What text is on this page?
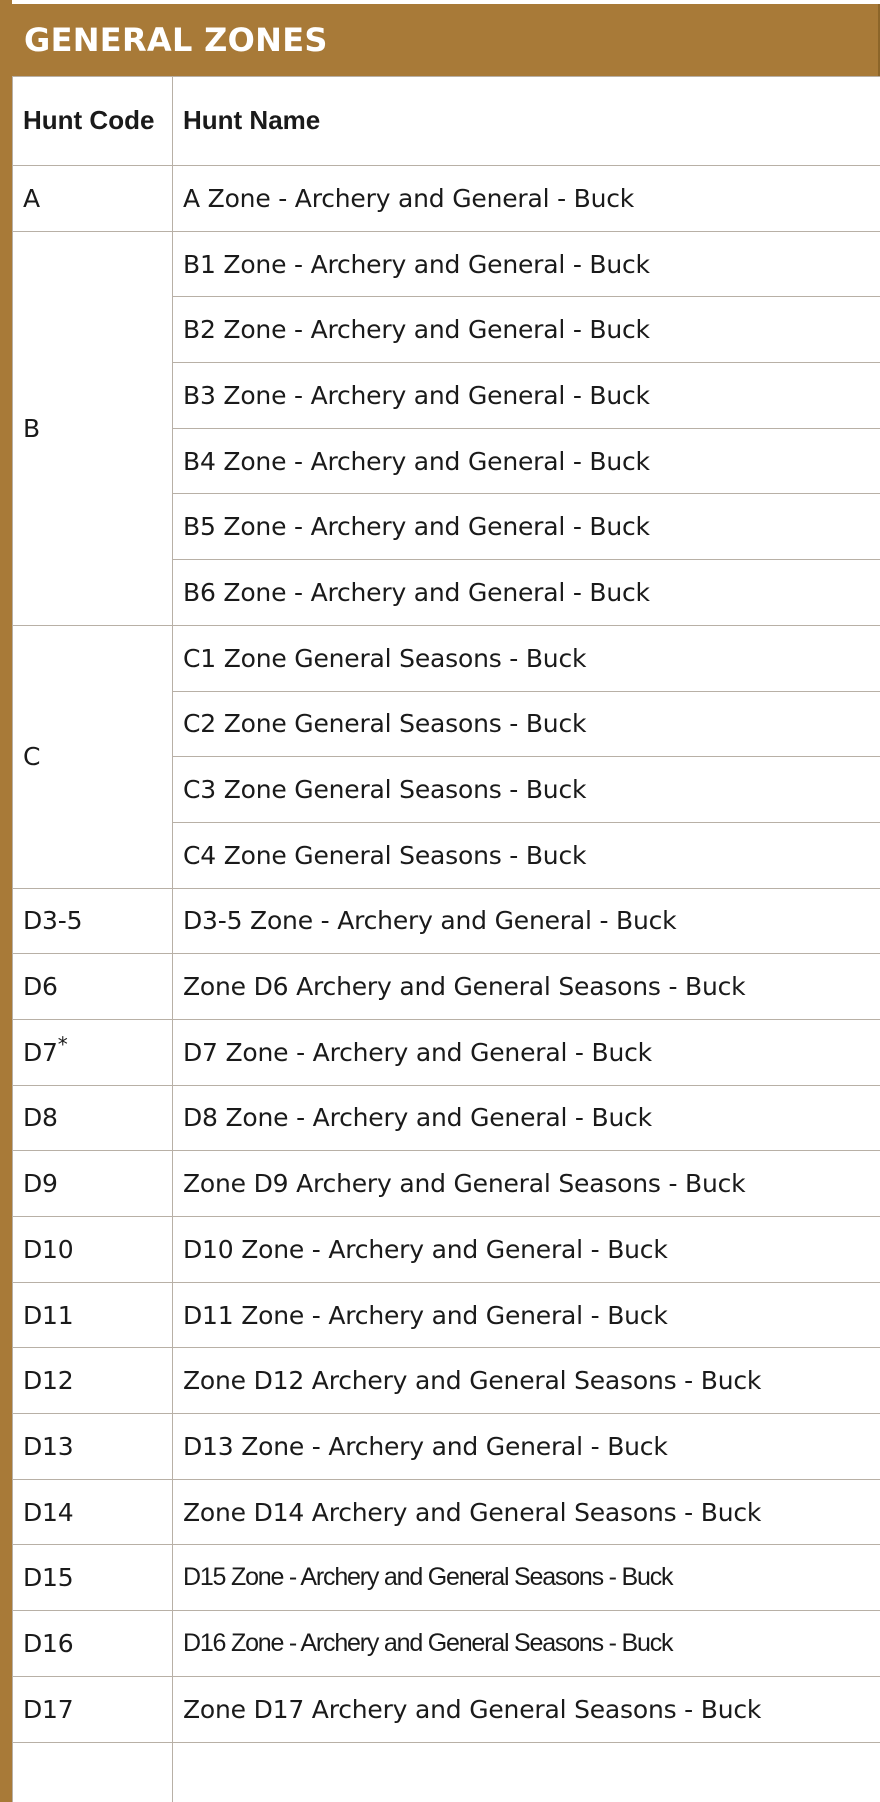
GENERAL ZONES
Hunt Code	Hunt Name
A	A Zone - Archery and General - Buck
B	B1 Zone - Archery and General - Buck
	B2 Zone - Archery and General - Buck
	B3 Zone - Archery and General - Buck
	B4 Zone - Archery and General - Buck
	B5 Zone - Archery and General - Buck
	B6 Zone - Archery and General - Buck
C	C1 Zone General Seasons - Buck
	C2 Zone General Seasons - Buck
	C3 Zone General Seasons - Buck
	C4 Zone General Seasons - Buck
D3-5	D3-5 Zone - Archery and General - Buck
D6	Zone D6 Archery and General Seasons - Buck
D7*	D7 Zone - Archery and General - Buck
D8	D8 Zone - Archery and General - Buck
D9	Zone D9 Archery and General Seasons - Buck
D10	D10 Zone - Archery and General - Buck
D11	D11 Zone - Archery and General - Buck
D12	Zone D12 Archery and General Seasons - Buck
D13	D13 Zone - Archery and General - Buck
D14	Zone D14 Archery and General Seasons - Buck
D15	D15 Zone - Archery and General Seasons - Buck
D16	D16 Zone - Archery and General Seasons - Buck
D17	Zone D17 Archery and General Seasons - Buck
